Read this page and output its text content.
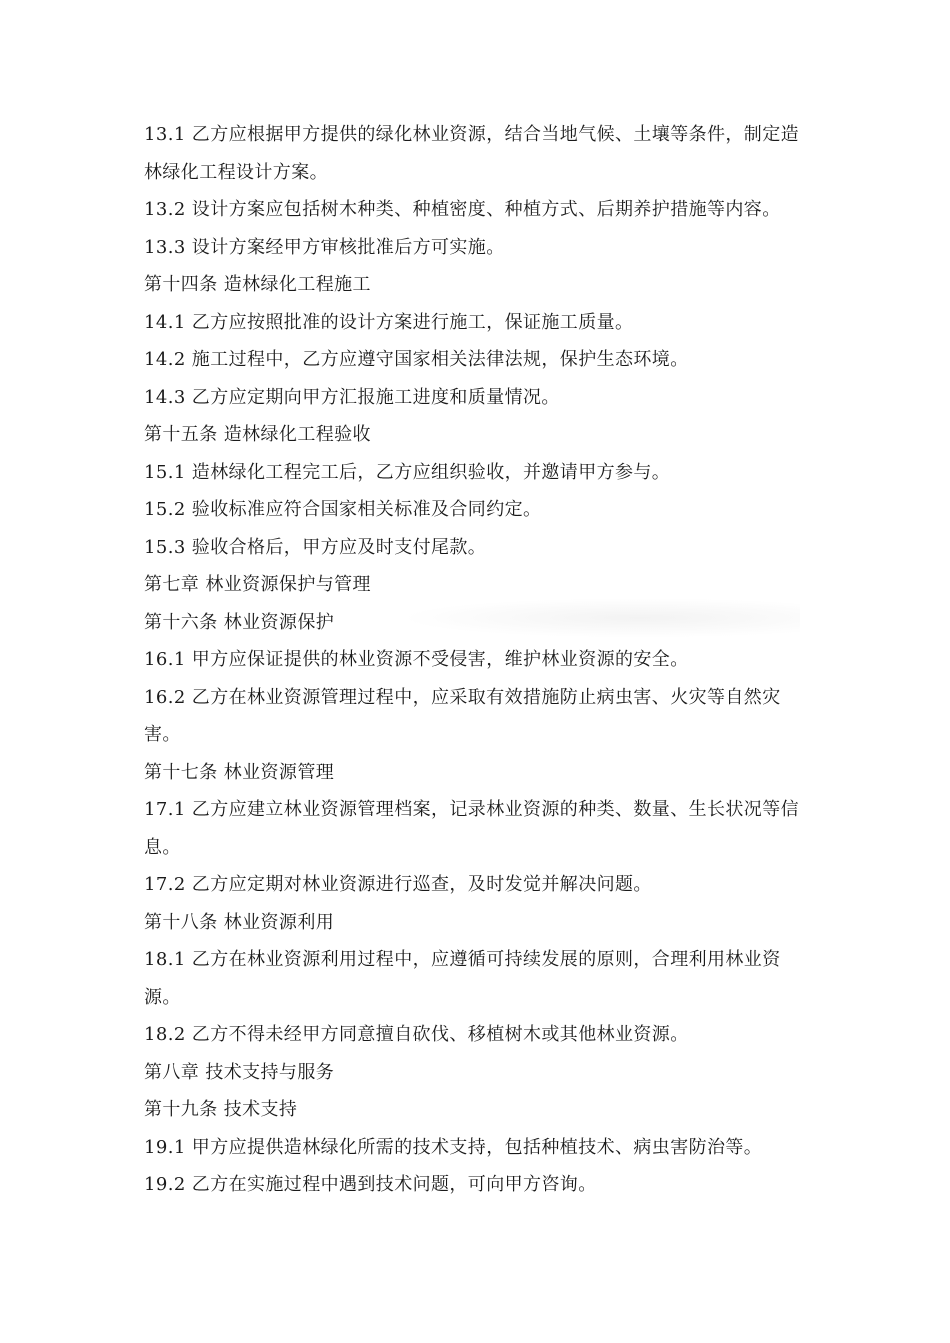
13.1 乙方应根据甲方提供的绿化林业资源，结合当地气候、土壤等条件，制定造林绿化工程设计方案。
13.2 设计方案应包括树木种类、种植密度、种植方式、后期养护措施等内容。
13.3 设计方案经甲方审核批准后方可实施。
第十四条 造林绿化工程施工
14.1 乙方应按照批准的设计方案进行施工，保证施工质量。
14.2 施工过程中，乙方应遵守国家相关法律法规，保护生态环境。
14.3 乙方应定期向甲方汇报施工进度和质量情况。
第十五条 造林绿化工程验收
15.1 造林绿化工程完工后，乙方应组织验收，并邀请甲方参与。
15.2 验收标准应符合国家相关标准及合同约定。
15.3 验收合格后，甲方应及时支付尾款。
第七章 林业资源保护与管理
第十六条 林业资源保护
16.1 甲方应保证提供的林业资源不受侵害，维护林业资源的安全。
16.2 乙方在林业资源管理过程中，应采取有效措施防止病虫害、火灾等自然灾害。
第十七条 林业资源管理
17.1 乙方应建立林业资源管理档案，记录林业资源的种类、数量、生长状况等信息。
17.2 乙方应定期对林业资源进行巡查，及时发觉并解决问题。
第十八条 林业资源利用
18.1 乙方在林业资源利用过程中，应遵循可持续发展的原则，合理利用林业资源。
18.2 乙方不得未经甲方同意擅自砍伐、移植树木或其他林业资源。
第八章 技术支持与服务
第十九条 技术支持
19.1 甲方应提供造林绿化所需的技术支持，包括种植技术、病虫害防治等。
19.2 乙方在实施过程中遇到技术问题，可向甲方咨询。
